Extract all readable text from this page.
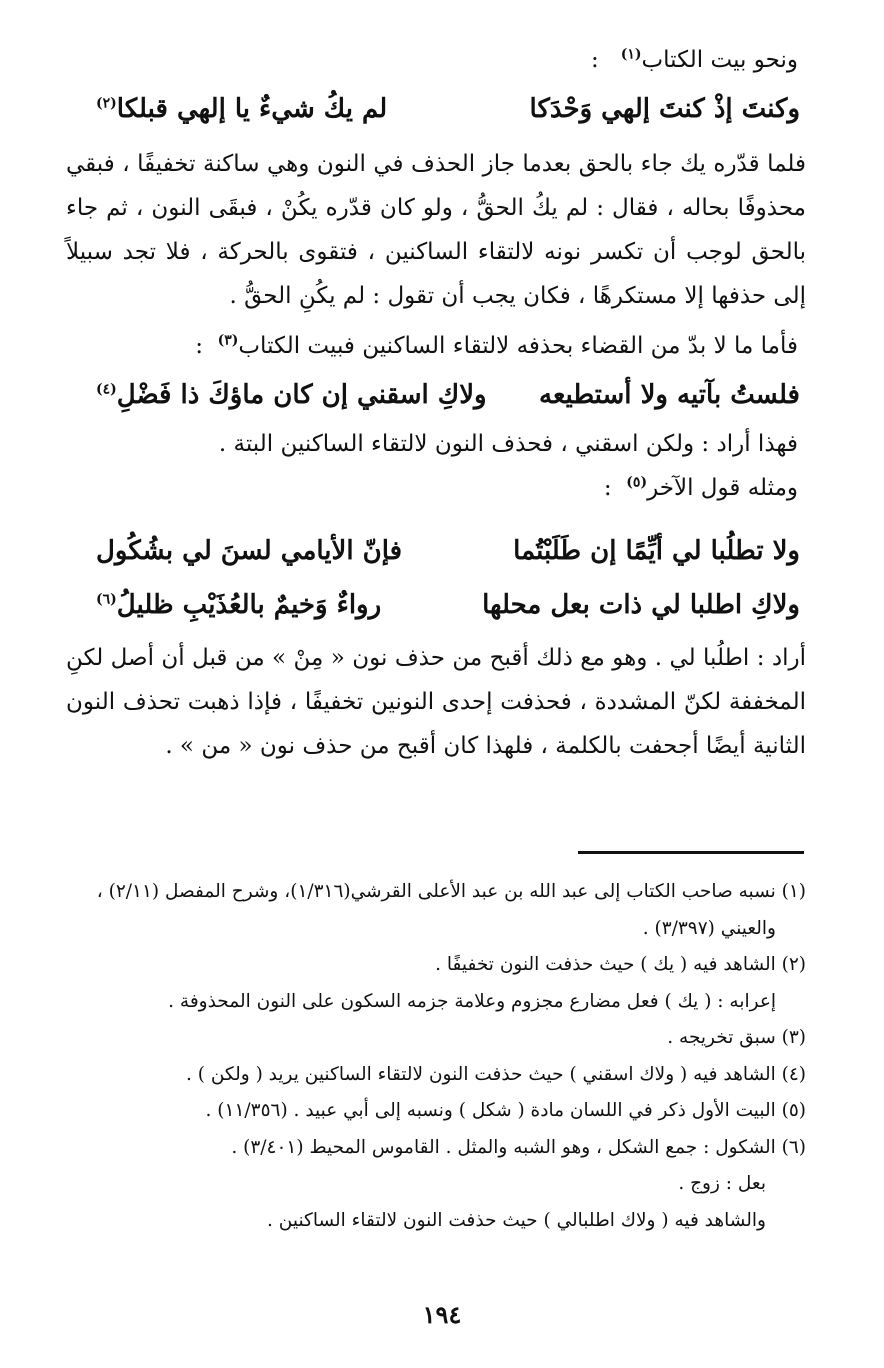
ونحو بيت الكتاب$^{(١)}$   :

وكنتَ إذْ كنتَ إلهي وَحْدَكا
لم يكُ شيءٌ يا إلهي قبلكا$^{(٢)}$

فلما قدّره يك جاء بالحق بعدما جاز الحذف في النون وهي ساكنة تخفيفًا ، فبقي محذوفًا بحاله ، فقال : لم يكُ الحقُّ ، ولو كان قدّره يكُنْ ، فبقَى النون ، ثم جاء بالحق لوجب أن تكسر نونه لالتقاء الساكنين ، فتقوى بالحركة ، فلا تجد سبيلاً إلى حذفها إلا مستكرهًا ، فكان يجب أن تقول : لم يكُنِ الحقُّ .

فأما ما لا بدّ من القضاء بحذفه لالتقاء الساكنين فبيت الكتاب$^{(٣)}$  :

فلستُ بآتيه ولا أستطيعه
ولاكِ اسقني إن كان ماؤكَ ذا فَضْلِ$^{(٤)}$

فهذا أراد : ولكن اسقني ، فحذف النون لالتقاء الساكنين البتة .

ومثله قول الآخر$^{(٥)}$  :

ولا تطلُبا لي أيِّمًا إن طَلَبْتُما
فإنّ الأيامي لسنَ لي بشُكُول
ولاكِ اطلبا لي ذات بعل محلها
رواءٌ وَخيمٌ بالعُذَيْبِ ظليلُ$^{(٦)}$

أراد : اطلُبا لي . وهو مع ذلك أقبح من حذف نون « مِنْ » من قبل أن أصل لكنِ المخففة لكنّ المشددة ، فحذفت إحدى النونين تخفيفًا ، فإذا ذهبت تحذف النون الثانية أيضًا أجحفت بالكلمة ، فلهذا كان أقبح من حذف نون « من » .

(١) نسبه صاحب الكتاب إلى عبد الله بن عبد الأعلى القرشي(١/٣١٦)، وشرح المفصل (٢/١١) ،

والعيني (٣/٣٩٧) .

(٢) الشاهد فيه ( يك ) حيث حذفت النون تخفيفًا .

إعرابه : ( يك ) فعل مضارع مجزوم وعلامة جزمه السكون على النون المحذوفة .

(٣) سبق تخريجه .

(٤) الشاهد فيه ( ولاك اسقني ) حيث حذفت النون لالتقاء الساكنين يريد ( ولكن ) .

(٥) البيت الأول ذكر في اللسان مادة ( شكل ) ونسبه إلى أبي عبيد . (١١/٣٥٦) .

(٦) الشكول : جمع الشكل ، وهو الشبه والمثل . القاموس المحيط (٣/٤٠١) .

بعل : زوج .

والشاهد فيه ( ولاك اطلبالي ) حيث حذفت النون لالتقاء الساكنين .

١٩٤
